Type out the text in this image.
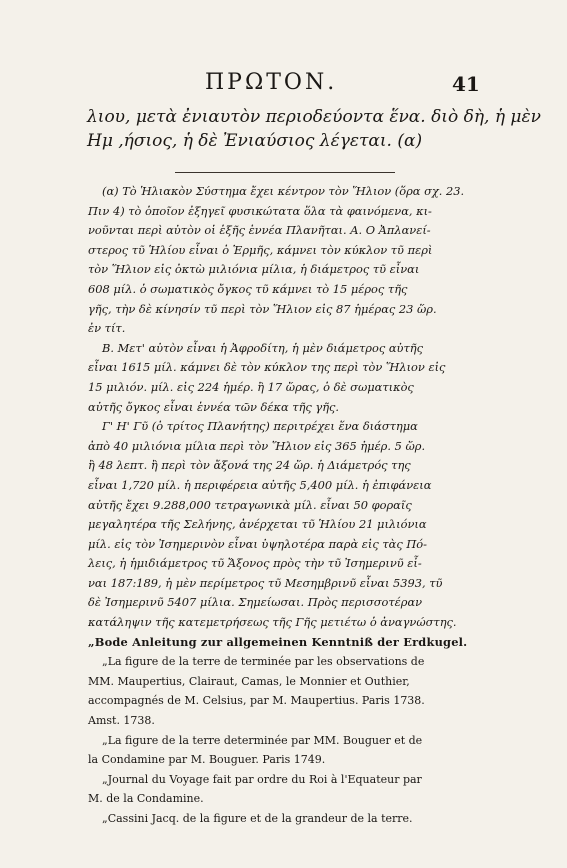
ΠΡΩΤΟΝ.	41
λιου, μετὰ ἐνιαυτὸν περιοδεύοντα ἕνα. διὸ δὴ, ἡ μὲν
Ημ ,ήσιος, ἡ δὲ Ἐνιαύσιος λέγεται. (α)
(α) Τὸ Ἡλιακὸν Σύστημα ἔχει κέντρον τὸν Ἥλιον (ὅρα σχ. 23.
Πιν 4) τὸ ὁποῖον ἐξηγεῖ φυσικώτατα ὅλα τὰ φαινόμενα, κι-
νοῦνται περὶ αὐτὸν οἱ ἑξῆς ἑννέα Πλανῆται. Α. Ο Ἀπλανεί-
στερος τῦ Ἡλίου εἶναι ὁ Ἑρμῆς, κάμνει τὸν κύκλον τῦ περὶ
τὸν Ἥλιον εἰς ὀκτὼ μιλιόνια μίλια, ἡ διάμετρος τῦ εἶναι
608 μίλ. ὁ σωματικὸς ὄγκος τῦ κάμνει τὸ 15 μέρος τῆς
γῆς, τὴν δὲ κίνησίν τῦ περὶ τὸν Ἥλιον εἰς 87 ἡμέρας 23 ὥρ.
ἐν τίτ.
Β. Μετ' αὐτὸν εἶναι ἡ Ἀφροδίτη, ἡ μὲν διάμετρος αὐτῆς
εἶναι 1615 μίλ. κάμνει δὲ τὸν κύκλον της περὶ τὸν Ἥλιον εἰς
15 μιλιόν. μίλ. εἰς 224 ἡμέρ. ἢ 17 ὥρας, ὁ δὲ σωματικὸς
αὐτῆς ὄγκος εἶναι ἑννέα τῶν δέκα τῆς γῆς.
Γ' Η' Γῦ (ὁ τρίτος Πλανήτης) περιτρέχει ἕνα διάστημα
ἀπὸ 40 μιλιόνια μίλια περὶ τὸν Ἥλιον εἰς 365 ἡμέρ. 5 ὥρ.
ἢ 48 λεπτ. ἢ περὶ τὸν ἄξονά της 24 ὥρ. ἡ Διάμετρός της
εἶναι 1,720 μίλ. ἡ περιφέρεια αὐτῆς 5,400 μίλ. ἡ ἐπιφάνεια
αὐτῆς ἔχει 9.288,000 τετραγωνικὰ μίλ. εἶναι 50 φοραῖς
μεγαλητέρα τῆς Σελήνης, ἀνέρχεται τῦ Ἡλίου 21 μιλιόνια
μίλ. εἰς τὸν Ἰσημερινὸν εἶναι ὑψηλοτέρα παρὰ εἰς τὰς Πό-
λεις, ἡ ἡμιδιάμετρος τῦ Ἄξονος πρὸς τὴν τῦ Ἰσημερινῦ εἶ-
ναι 187:189, ἡ μὲν περίμετρος τῦ Μεσημβρινῦ εἶναι 5393, τῦ
δὲ Ἰσημερινῦ 5407 μίλια. Σημείωσαι. Πρὸς περισσοτέραν
κατάληψιν τῆς κατεμετρήσεως τῆς Γῆς μετιέτω ὁ ἀναγνώστης.
„Bode Anleitung zur allgemeinen Kenntniß der Erdkugel.
„La figure de la terre de terminée par les observations de
MM. Maupertius, Clairaut, Camas, le Monnier et Outhier,
accompagnés de M. Celsius, par M. Maupertius. Paris 1738.
Amst. 1738.
„La figure de la terre determinée par MM. Bouguer et de
la Condamine par M. Bouguer. Paris 1749.
„Journal du Voyage fait par ordre du Roi à l'Equateur par
M. de la Condamine.
„Cassini Jacq. de la figure et de la grandeur de la terre.
